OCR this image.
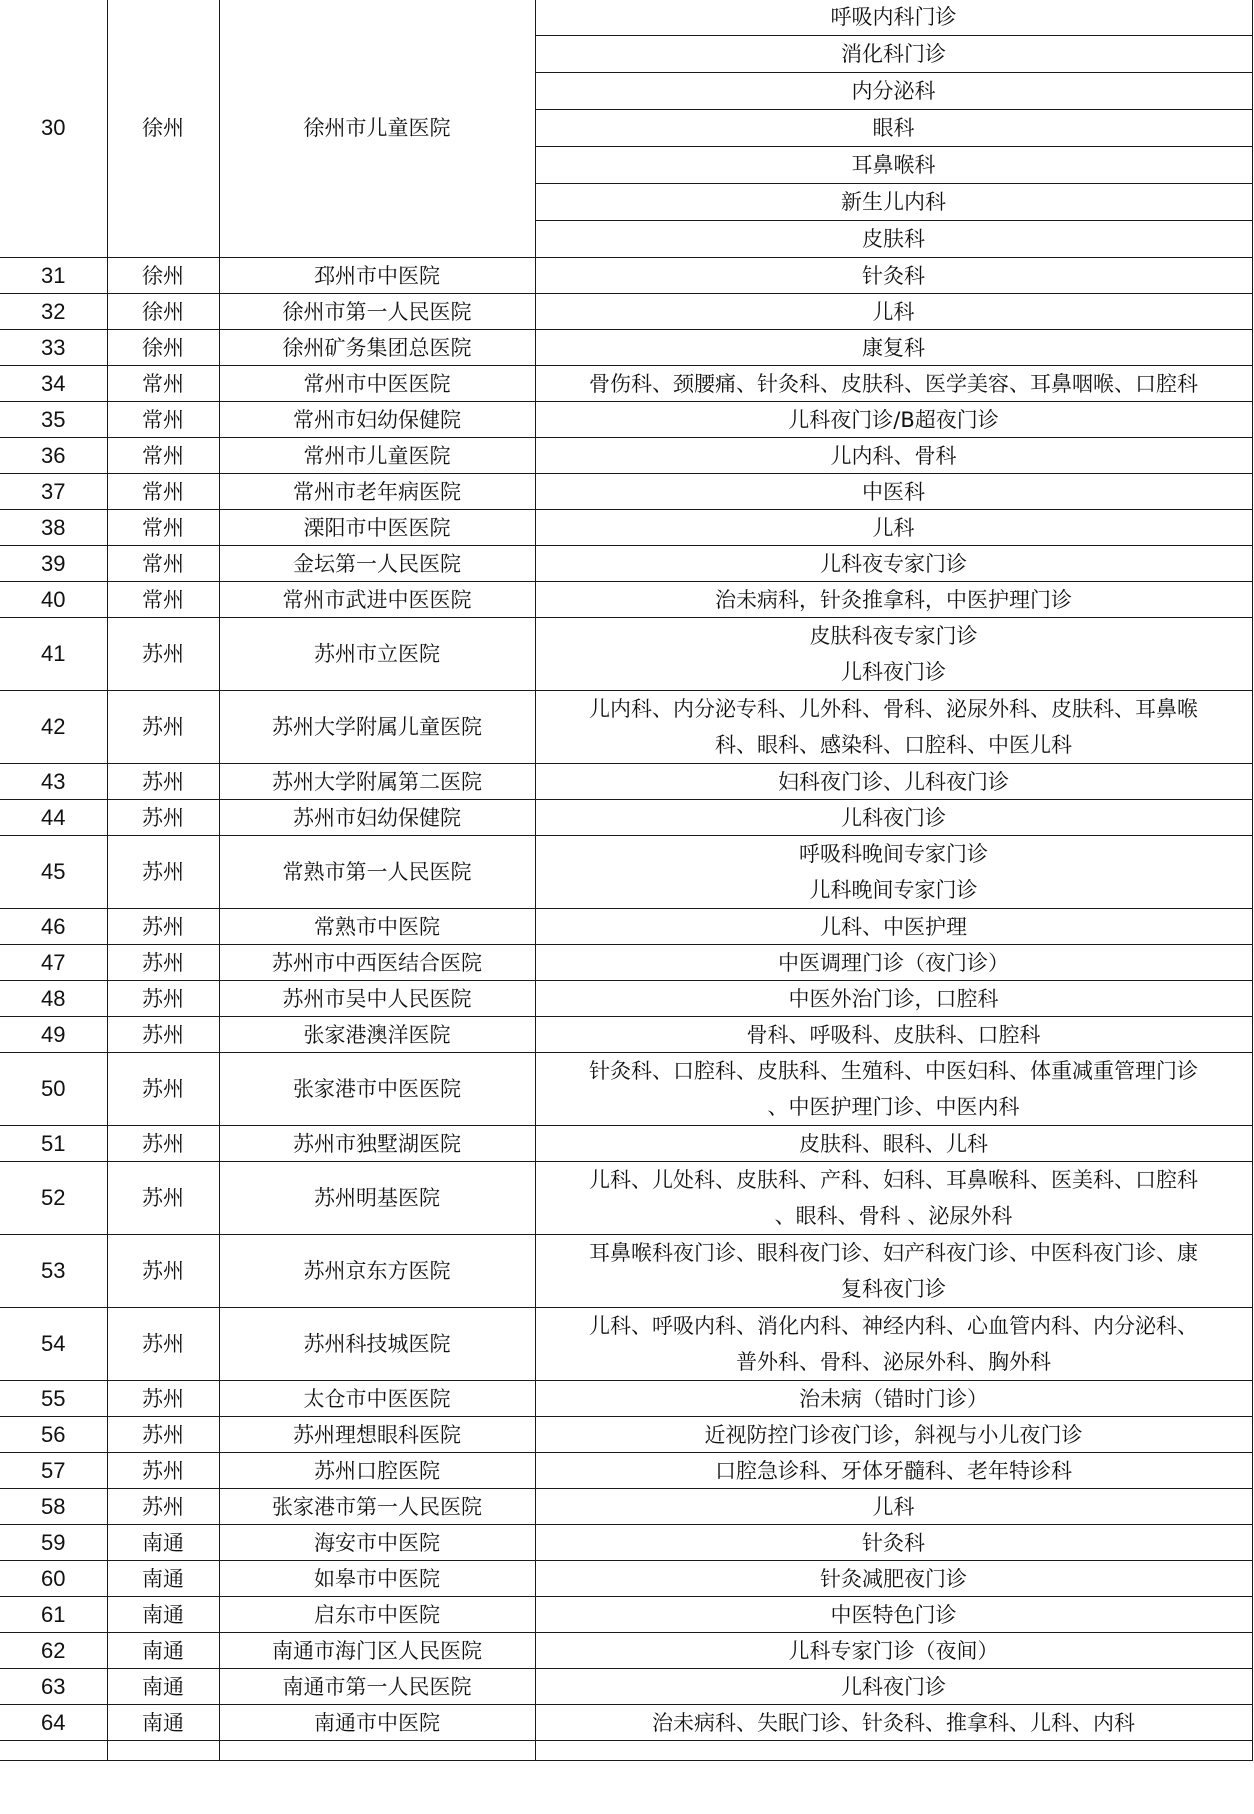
30	徐州	徐州市儿童医院	呼吸内科门诊
			消化科门诊
			内分泌科
			眼科
			耳鼻喉科
			新生儿内科
			皮肤科
31	徐州	邳州市中医院	针灸科

32	徐州	徐州市第一人民医院	儿科

33	徐州	徐州矿务集团总医院	康复科

34	常州	常州市中医医院	骨伤科、颈腰痛、针灸科、皮肤科、医学美容、耳鼻咽喉、口腔科

35	常州	常州市妇幼保健院	儿科夜门诊/B超夜门诊

36	常州	常州市儿童医院	儿内科、骨科

37	常州	常州市老年病医院	中医科

38	常州	溧阳市中医医院	儿科

39	常州	金坛第一人民医院	儿科夜专家门诊

40	常州	常州市武进中医医院	治未病科，针灸推拿科，中医护理门诊

41	苏州	苏州市立医院	皮肤科夜专家门诊
儿科夜门诊

42	苏州	苏州大学附属儿童医院	儿内科、内分泌专科、儿外科、骨科、泌尿外科、皮肤科、耳鼻喉
科、眼科、感染科、口腔科、中医儿科

43	苏州	苏州大学附属第二医院	妇科夜门诊、儿科夜门诊

44	苏州	苏州市妇幼保健院	儿科夜门诊

45	苏州	常熟市第一人民医院	呼吸科晚间专家门诊
儿科晚间专家门诊

46	苏州	常熟市中医院	儿科、中医护理

47	苏州	苏州市中西医结合医院	中医调理门诊（夜门诊）

48	苏州	苏州市吴中人民医院	中医外治门诊，口腔科

49	苏州	张家港澳洋医院	骨科、呼吸科、皮肤科、口腔科

50	苏州	张家港市中医医院	针灸科、口腔科、皮肤科、生殖科、中医妇科、体重减重管理门诊
、中医护理门诊、中医内科

51	苏州	苏州市独墅湖医院	皮肤科、眼科、儿科

52	苏州	苏州明基医院	儿科、儿处科、皮肤科、产科、妇科、耳鼻喉科、医美科、口腔科
、眼科、骨科 、泌尿外科

53	苏州	苏州京东方医院	耳鼻喉科夜门诊、眼科夜门诊、妇产科夜门诊、中医科夜门诊、康
复科夜门诊

54	苏州	苏州科技城医院	儿科、呼吸内科、消化内科、神经内科、心血管内科、内分泌科、
普外科、骨科、泌尿外科、胸外科

55	苏州	太仓市中医医院	治未病（错时门诊）

56	苏州	苏州理想眼科医院	近视防控门诊夜门诊，斜视与小儿夜门诊

57	苏州	苏州口腔医院	口腔急诊科、牙体牙髓科、老年特诊科

58	苏州	张家港市第一人民医院	儿科

59	南通	海安市中医院	针灸科

60	南通	如皋市中医院	针灸减肥夜门诊

61	南通	启东市中医院	中医特色门诊

62	南通	南通市海门区人民医院	儿科专家门诊（夜间）

63	南通	南通市第一人民医院	儿科夜门诊

64	南通	南通市中医院	治未病科、失眠门诊、针灸科、推拿科、儿科、内科
